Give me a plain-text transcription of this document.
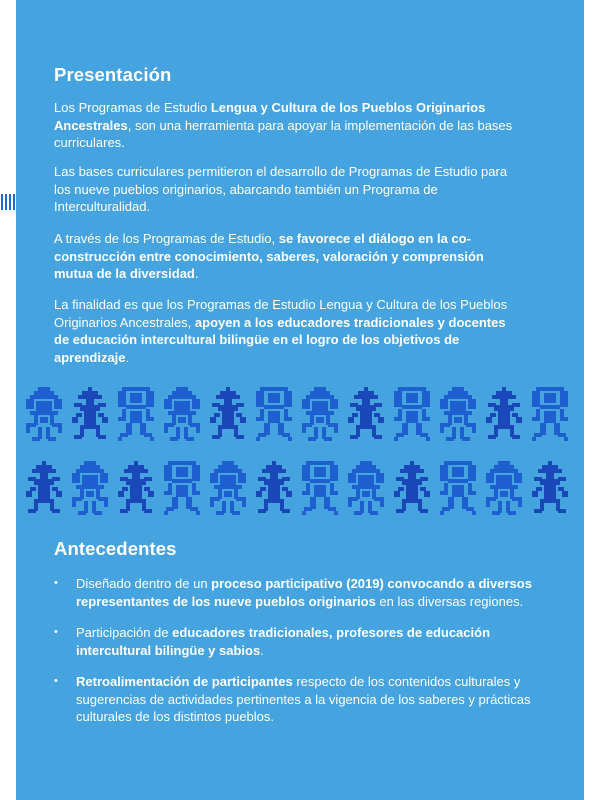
Presentación

Los Programas de Estudio Lengua y Cultura de los Pueblos Originarios Ancestrales, son una herramienta para apoyar la implementación de las bases curriculares.

Las bases curriculares permitieron el desarrollo de Programas de Estudio para los nueve pueblos originarios, abarcando también un Programa de Interculturalidad.

A través de los Programas de Estudio, se favorece el diálogo en la co-construcción entre conocimiento, saberes, valoración y comprensión mutua de la diversidad.

La finalidad es que los Programas de Estudio Lengua y Cultura de los Pueblos Originarios Ancestrales, apoyen a los educadores tradicionales y docentes de educación intercultural bilingüe en el logro de los objetivos de aprendizaje.

Antecedentes
• Diseñado dentro de un proceso participativo (2019) convocando a diversos representantes de los nueve pueblos originarios en las diversas regiones.
• Participación de educadores tradicionales, profesores de educación intercultural bilingüe y sabios.
• Retroalimentación de participantes respecto de los contenidos culturales y sugerencias de actividades pertinentes a la vigencia de los saberes y prácticas culturales de los distintos pueblos.
